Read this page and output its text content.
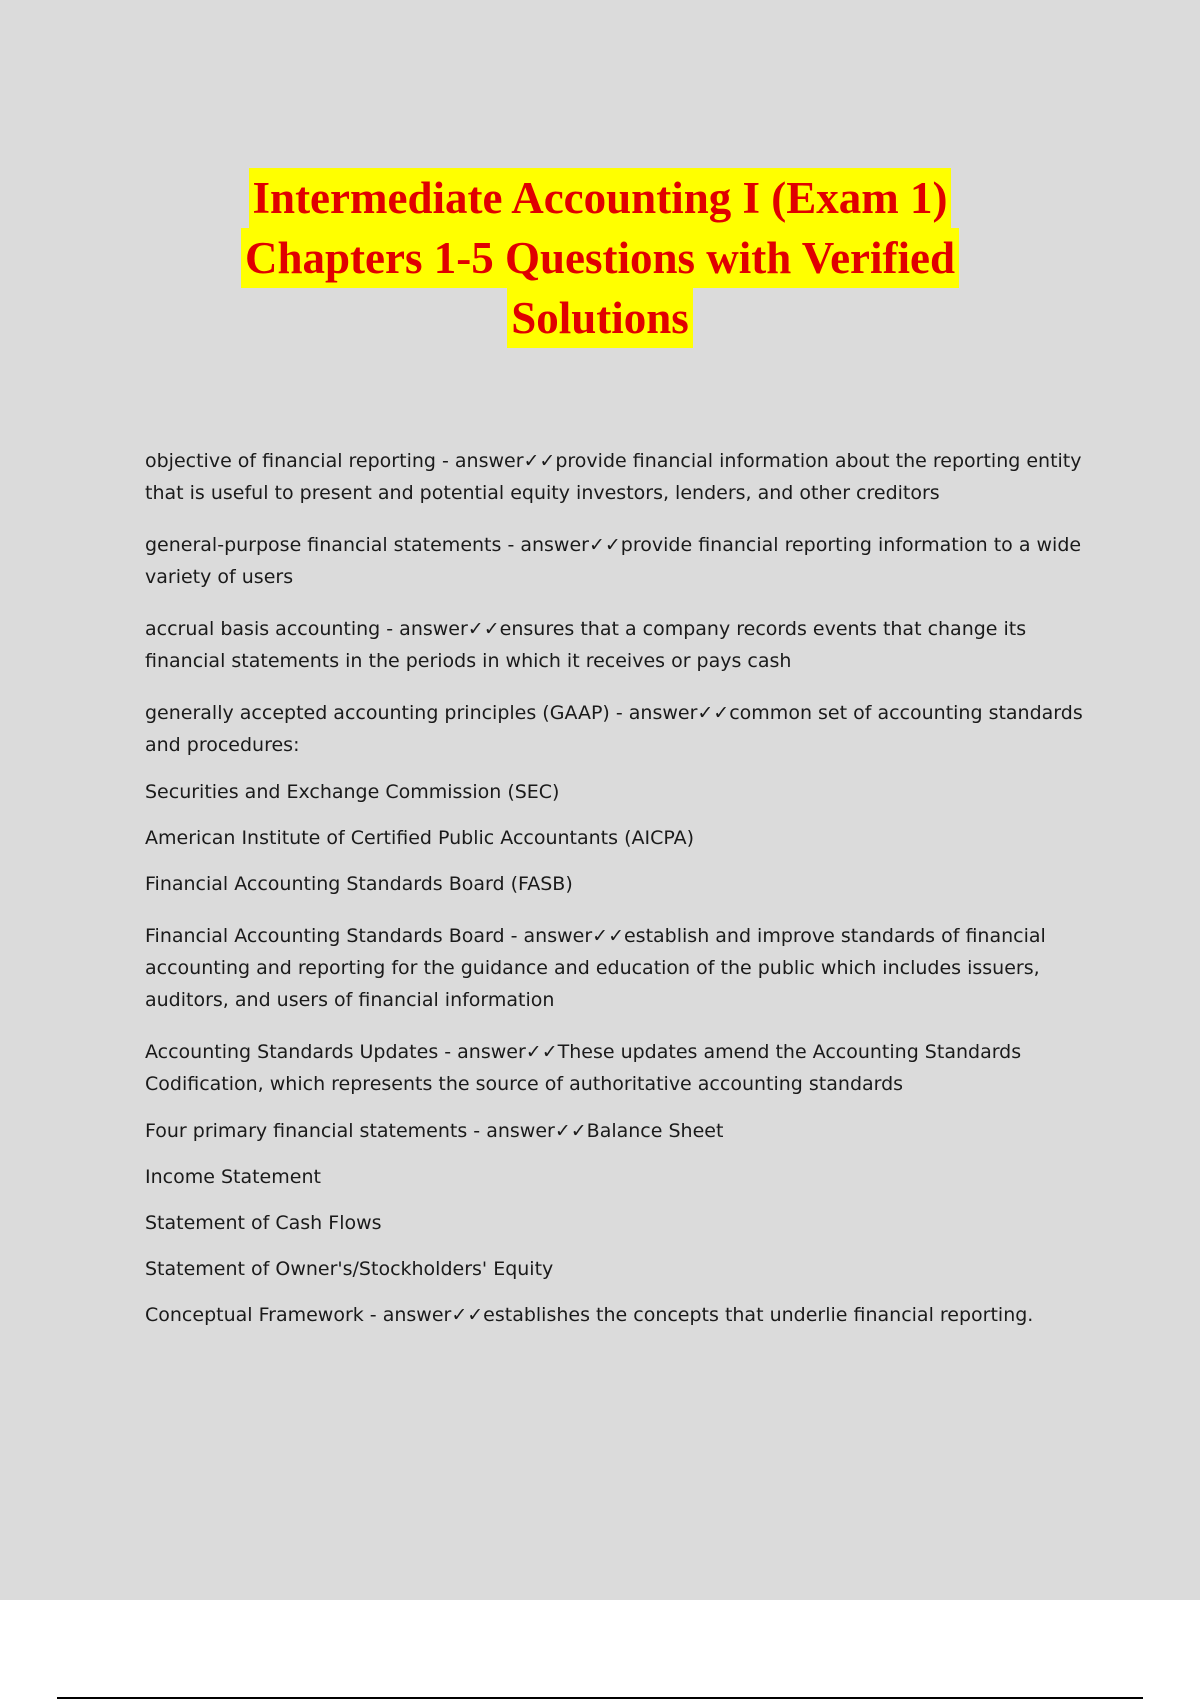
Intermediate Accounting I (Exam 1)
Chapters 1-5 Questions with Verified
Solutions

objective of financial reporting - answer✓✓provide financial information about the reporting entity that is useful to present and potential equity investors, lenders, and other creditors

general-purpose financial statements - answer✓✓provide financial reporting information to a wide variety of users

accrual basis accounting - answer✓✓ensures that a company records events that change its financial statements in the periods in which it receives or pays cash

generally accepted accounting principles (GAAP) - answer✓✓common set of accounting standards and procedures:

Securities and Exchange Commission (SEC)

American Institute of Certified Public Accountants (AICPA)

Financial Accounting Standards Board (FASB)

Financial Accounting Standards Board - answer✓✓establish and improve standards of financial accounting and reporting for the guidance and education of the public which includes issuers, auditors, and users of financial information

Accounting Standards Updates - answer✓✓These updates amend the Accounting Standards Codification, which represents the source of authoritative accounting standards

Four primary financial statements - answer✓✓Balance Sheet

Income Statement

Statement of Cash Flows

Statement of Owner's/Stockholders' Equity

Conceptual Framework - answer✓✓establishes the concepts that underlie financial reporting.
